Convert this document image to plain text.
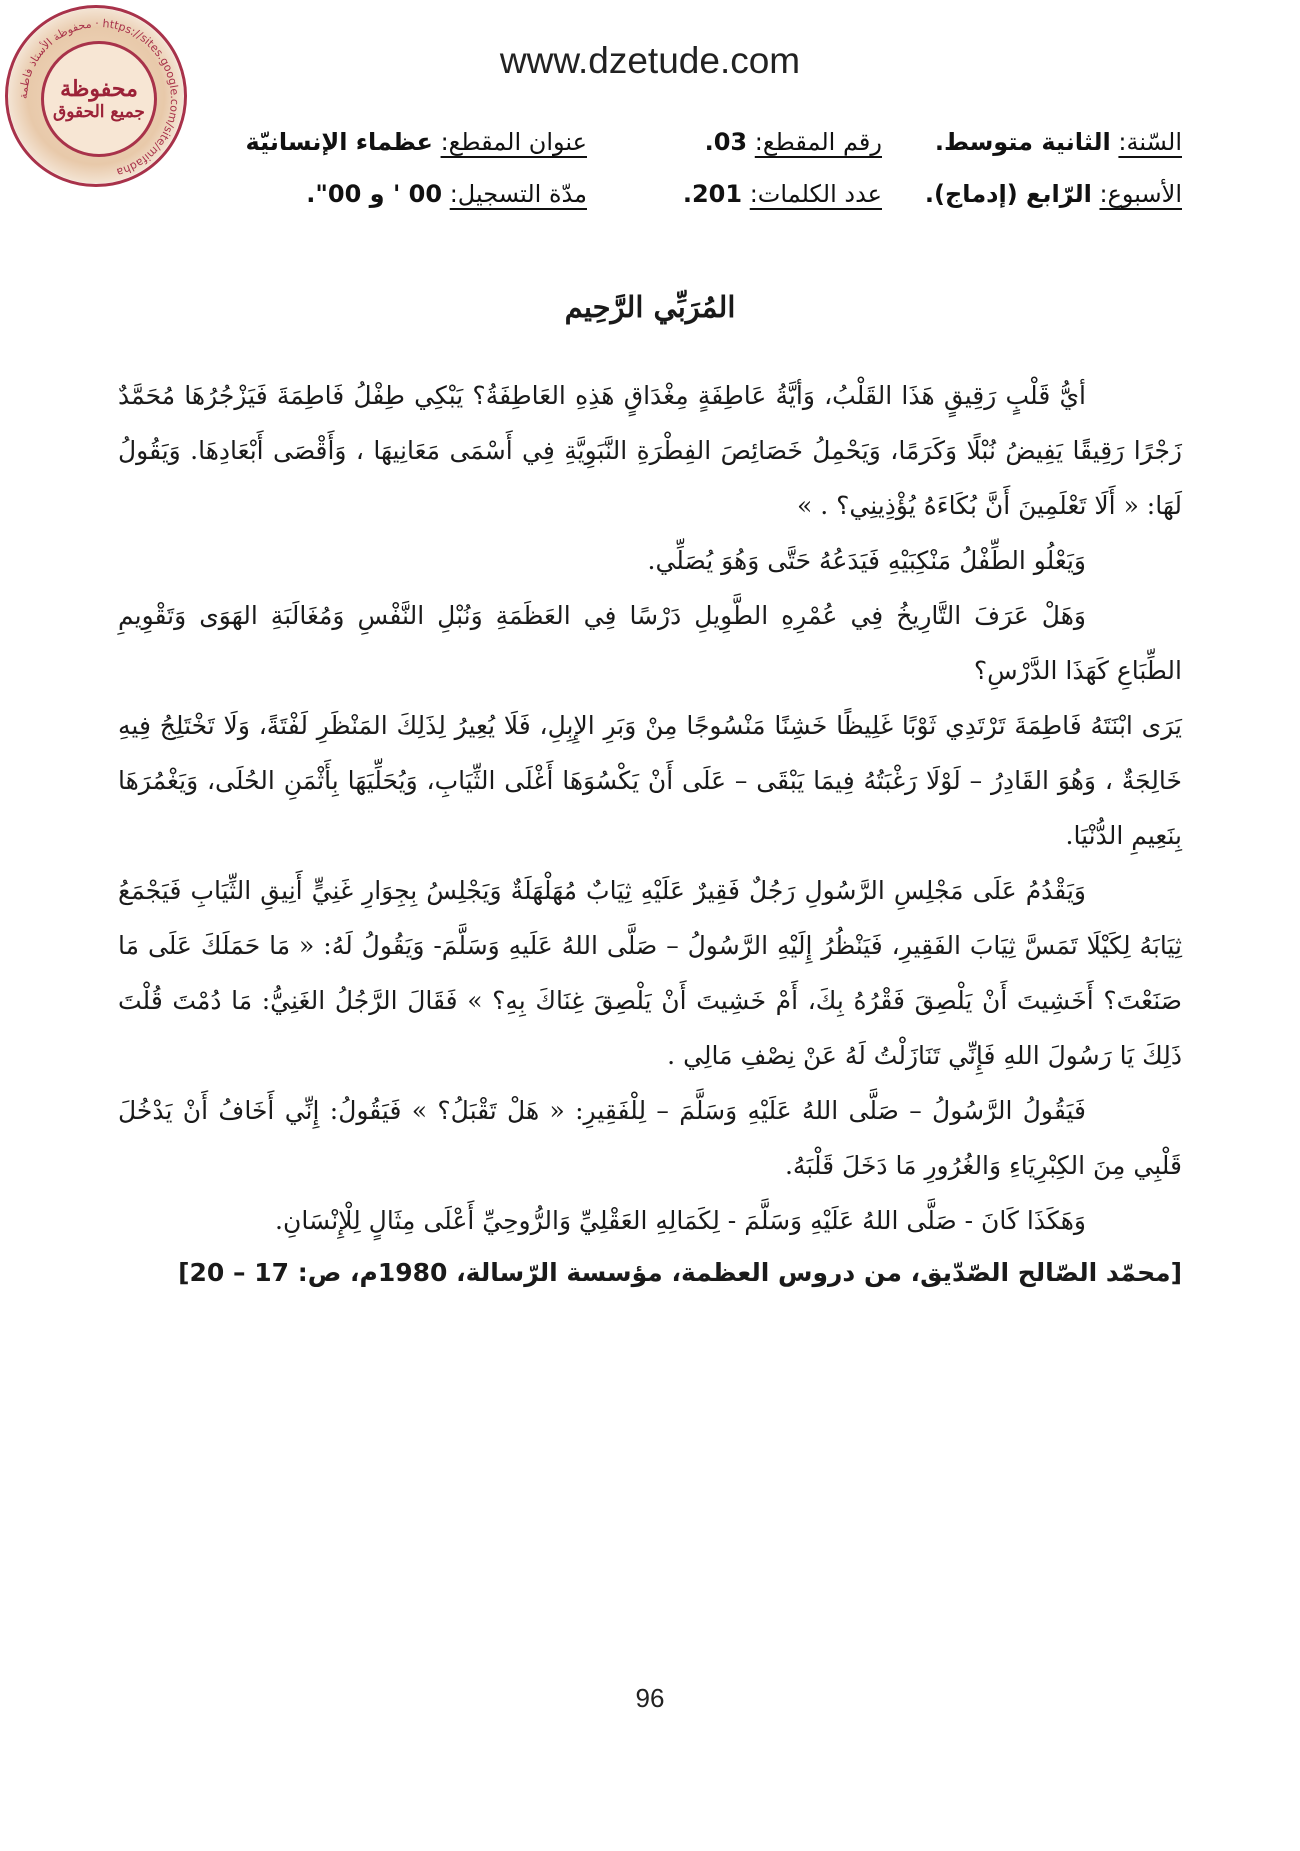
www.dzetude.com
محفوظة الأستاذ فاطمة · https://sites.google.com/site/mifadha
محفوظة
جميع الحقوق
السّنة: الثانية متوسط.
رقم المقطع: 03.
عنوان المقطع: عظماء الإنسانيّة
الأسبوع: الرّابع (إدماج).
عدد الكلمات: 201.
مدّة التسجيل: 00 ' و 00".
المُرَبِّي الرَّحِيم

أيُّ قَلْبٍ رَقِيقٍ هَذَا القَلْبُ، وَأيَّةُ عَاطِفَةٍ مِغْدَاقٍ هَذِهِ العَاطِفَةُ؟ يَبْكِي طِفْلُ فَاطِمَةَ فَيَزْجُرُهَا مُحَمَّدٌ زَجْرًا رَقِيقًا يَفِيضُ نُبْلًا وَكَرَمًا، وَيَحْمِلُ خَصَائِصَ الفِطْرَةِ النَّبَوِيَّةِ فِي أَسْمَى مَعَانِيهَا ، وَأَقْصَى أَبْعَادِهَا. وَيَقُولُ لَهَا: « أَلَا تَعْلَمِينَ أَنَّ بُكَاءَهُ يُؤْذِينِي؟ . »

وَيَعْلُو الطِّفْلُ مَنْكِبَيْهِ فَيَدَعُهُ حَتَّى وَهُوَ يُصَلِّي.

وَهَلْ عَرَفَ التَّارِيخُ فِي عُمْرِهِ الطَّوِيلِ دَرْسًا فِي العَظَمَةِ وَنُبْلِ النَّفْسِ وَمُغَالَبَةِ الهَوَى وَتَقْوِيمِ الطِّبَاعِ كَهَذَا الدَّرْسِ؟

يَرَى ابْنَتَهُ فَاطِمَةَ تَرْتَدِي ثَوْبًا غَلِيظًا خَشِنًا مَنْسُوجًا مِنْ وَبَرِ الإِبِلِ، فَلَا يُعِيرُ لِذَلِكَ المَنْظَرِ لَفْتَةً، وَلَا تَخْتَلِجُ فِيهِ خَالِجَةٌ ، وَهُوَ القَادِرُ – لَوْلَا رَغْبَتُهُ فِيمَا يَبْقَى – عَلَى أَنْ يَكْسُوَهَا أَغْلَى الثِّيَابِ، وَيُحَلِّيَهَا بِأَثْمَنِ الحُلَى، وَيَغْمُرَهَا بِنَعِيمِ الدُّنْيَا.

وَيَقْدُمُ عَلَى مَجْلِسِ الرَّسُولِ رَجُلٌ فَقِيرٌ عَلَيْهِ ثِيَابٌ مُهَلْهَلَةٌ وَيَجْلِسُ بِجِوَارِ غَنِيٍّ أَنِيقِ الثِّيَابِ فَيَجْمَعُ ثِيَابَهُ لِكَيْلَا تَمَسَّ ثِيَابَ الفَقِيرِ، فَيَنْظُرُ إِلَيْهِ الرَّسُولُ – صَلَّى اللهُ عَلَيهِ وَسَلَّمَ- وَيَقُولُ لَهُ: « مَا حَمَلَكَ عَلَى مَا صَنَعْتَ؟ أَخَشِيتَ أَنْ يَلْصِقَ فَقْرُهُ بِكَ، أَمْ خَشِيتَ أَنْ يَلْصِقَ غِنَاكَ بِهِ؟ » فَقَالَ الرَّجُلُ الغَنِيُّ: مَا دُمْتَ قُلْتَ ذَلِكَ يَا رَسُولَ اللهِ فَإِنِّي تَنَازَلْتُ لَهُ عَنْ نِصْفِ مَالِي .

فَيَقُولُ الرَّسُولُ – صَلَّى اللهُ عَلَيْهِ وَسَلَّمَ – لِلْفَقِيرِ: « هَلْ تَقْبَلُ؟ » فَيَقُولُ: إِنِّي أَخَافُ أَنْ يَدْخُلَ قَلْبِي مِنَ الكِبْرِيَاءِ وَالغُرُورِ مَا دَخَلَ قَلْبَهُ.

وَهَكَذَا كَانَ - صَلَّى اللهُ عَلَيْهِ وَسَلَّمَ - لِكَمَالِهِ العَقْلِيِّ وَالرُّوحِيِّ أَعْلَى مِثَالٍ لِلْإِنْسَانِ.

[محمّد الصّالح الصّدّيق، من دروس العظمة، مؤسسة الرّسالة، 1980م، ص: 17 – 20]
96
